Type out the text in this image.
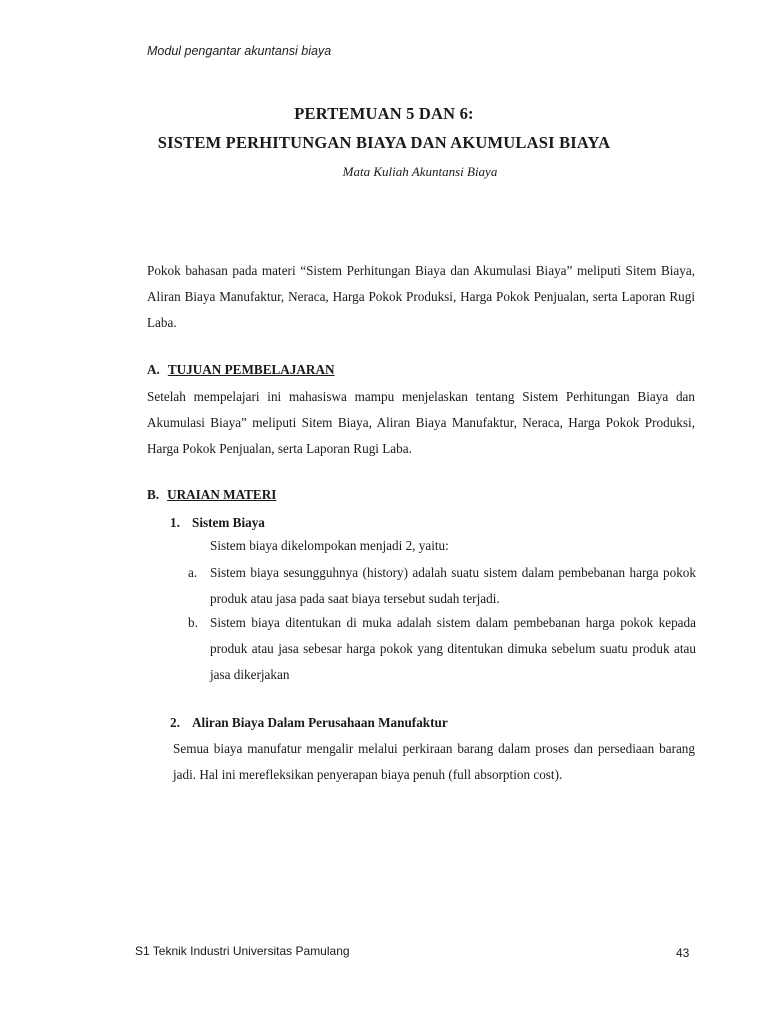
Modul pengantar akuntansi biaya
PERTEMUAN 5 DAN 6:
SISTEM PERHITUNGAN BIAYA DAN AKUMULASI BIAYA
Mata Kuliah Akuntansi Biaya
Pokok bahasan pada materi “Sistem Perhitungan Biaya dan Akumulasi Biaya” meliputi Sitem Biaya, Aliran Biaya Manufaktur, Neraca, Harga Pokok Produksi, Harga Pokok Penjualan, serta Laporan Rugi Laba.
A. TUJUAN PEMBELAJARAN
Setelah mempelajari ini mahasiswa mampu menjelaskan tentang Sistem Perhitungan Biaya dan Akumulasi Biaya” meliputi Sitem Biaya, Aliran Biaya Manufaktur, Neraca, Harga Pokok Produksi, Harga Pokok Penjualan, serta Laporan Rugi Laba.
B. URAIAN MATERI
1. Sistem Biaya
Sistem biaya dikelompokan menjadi 2, yaitu:
a. Sistem biaya sesungguhnya (history) adalah suatu sistem dalam pembebanan harga pokok produk atau jasa pada saat biaya tersebut sudah terjadi.
b. Sistem biaya ditentukan di muka adalah sistem dalam pembebanan harga pokok kepada produk atau jasa sebesar harga pokok yang ditentukan dimuka sebelum suatu produk atau jasa dikerjakan
2. Aliran Biaya Dalam Perusahaan Manufaktur
Semua biaya manufatur mengalir melalui perkiraan barang dalam proses dan persediaan barang jadi. Hal ini merefleksikan penyerapan biaya penuh (full absorption cost).
S1 Teknik Industri Universitas Pamulang	43
